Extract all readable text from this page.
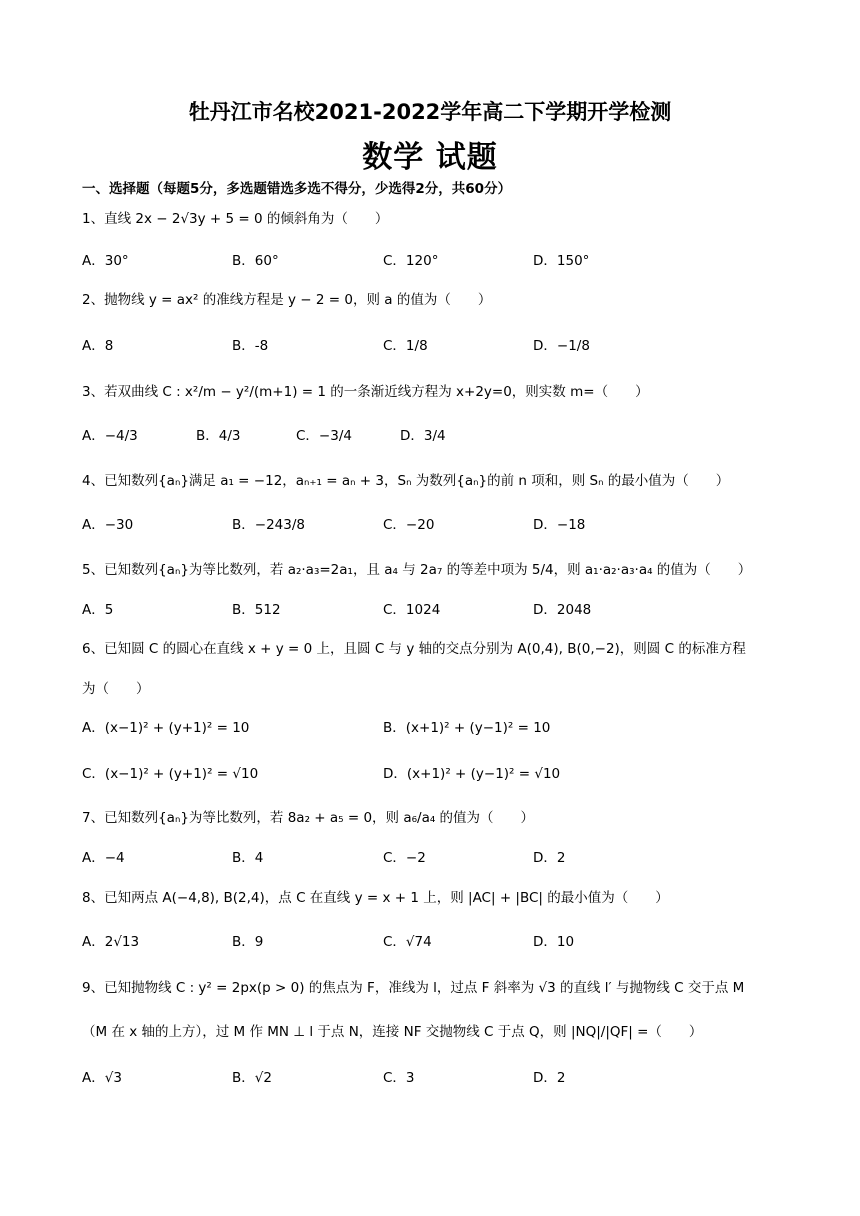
牡丹江市名校2021-2022学年高二下学期开学检测
数学 试题
一、选择题（每题5分，多选题错选多选不得分，少选得2分，共60分）
1、直线 2x − 2√3y + 5 = 0 的倾斜角为（　　）
A．30°	B．60°	C．120°	D．150°
2、抛物线 y = ax² 的准线方程是 y − 2 = 0，则 a 的值为（　　）
A．8	B．-8	C．1/8	D．−1/8
3、若双曲线 C : x²/m − y²/(m+1) = 1 的一条渐近线方程为 x+2y=0，则实数 m=（　　）
A．−4/3	B．4/3	C．−3/4	D．3/4
4、已知数列{aₙ}满足 a₁ = −12，aₙ₊₁ = aₙ + 3，Sₙ 为数列{aₙ}的前 n 项和，则 Sₙ 的最小值为（　　）
A．−30	B．−243/8	C．−20	D．−18
5、已知数列{aₙ}为等比数列，若 a₂·a₃=2a₁，且 a₄ 与 2a₇ 的等差中项为 5/4，则 a₁·a₂·a₃·a₄ 的值为（　　）
A．5	B．512	C．1024	D．2048
6、已知圆 C 的圆心在直线 x + y = 0 上，且圆 C 与 y 轴的交点分别为 A(0,4), B(0,−2)，则圆 C 的标准方程
为（　　）
A．(x−1)² + (y+1)² = 10	B．(x+1)² + (y−1)² = 10
C．(x−1)² + (y+1)² = √10	D．(x+1)² + (y−1)² = √10
7、已知数列{aₙ}为等比数列，若 8a₂ + a₅ = 0，则 a₆/a₄ 的值为（　　）
A．−4	B．4	C．−2	D．2
8、已知两点 A(−4,8), B(2,4)，点 C 在直线 y = x + 1 上，则 |AC| + |BC| 的最小值为（　　）
A．2√13	B．9	C．√74	D．10
9、已知抛物线 C : y² = 2px(p > 0) 的焦点为 F，准线为 l，过点 F 斜率为 √3 的直线 l′ 与抛物线 C 交于点 M
（M 在 x 轴的上方），过 M 作 MN ⊥ l 于点 N，连接 NF 交抛物线 C 于点 Q，则 |NQ|/|QF| =（　　）
A．√3	B．√2	C．3	D．2
